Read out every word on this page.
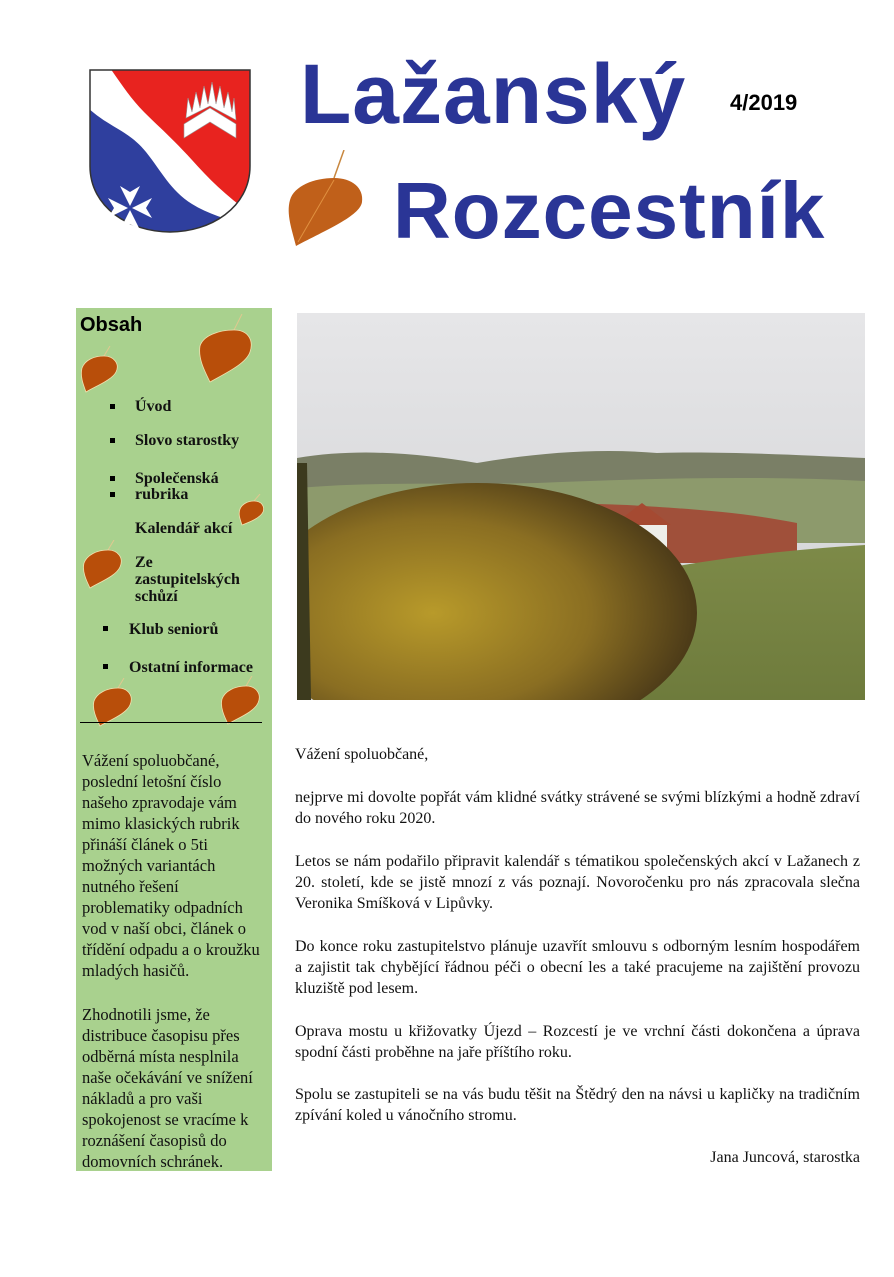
Lažanský 4/2019
Rozcestník
Obsah
Úvod
Slovo starostky
Společenská
rubrika
Kalendář akcí
Ze
zastupitelských
schůzí
Klub seniorů
Ostatní informace
Vážení spoluobčané, poslední letošní číslo našeho zpravodaje vám mimo klasických rubrik přináší článek o 5ti možných variantách nutného řešení problematiky odpadních vod v naší obci, článek o třídění odpadu a o kroužku mladých hasičů.
Zhodnotili jsme, že distribuce časopisu přes odběrná místa nesplnila naše očekávání ve snížení nákladů a pro vaši spokojenost se vracíme k roznášení časopisů do domovních schránek.
Vážení spoluobčané,
nejprve mi dovolte popřát vám klidné svátky strávené se svými blízkými a hodně zdraví do nového roku 2020.
Letos se nám podařilo připravit kalendář s tématikou společenských akcí v Lažanech z 20. století, kde se jistě mnozí z vás poznají. Novoročenku pro nás zpracovala slečna Veronika Smíšková v Lipůvky.
Do konce roku zastupitelstvo plánuje uzavřít smlouvu s odborným lesním hospodářem a zajistit tak chybějící řádnou péči o obecní les a také pracujeme na zajištění provozu kluziště pod lesem.
Oprava mostu u křižovatky Újezd – Rozcestí je ve vrchní části dokončena a úprava spodní části proběhne na jaře příštího roku.
Spolu se zastupiteli se na vás budu těšit na Štědrý den na návsi u kapličky na tradičním zpívání koled u vánočního stromu.
Jana Juncová, starostka
